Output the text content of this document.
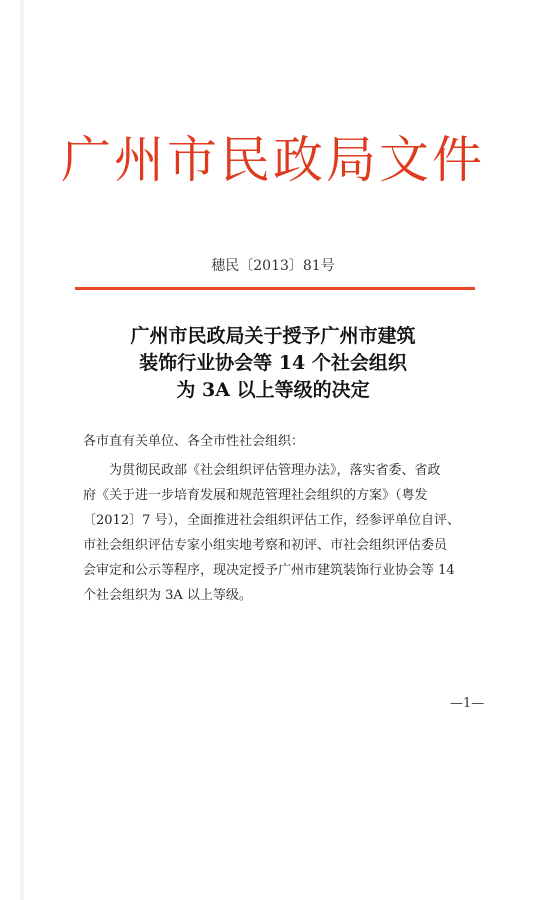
广州市民政局文件
穗民〔2013〕81号
广州市民政局关于授予广州市建筑
装饰行业协会等 14 个社会组织
为 3A 以上等级的决定
各市直有关单位、各全市性社会组织：
为贯彻民政部《社会组织评估管理办法》，落实省委、省政
府《关于进一步培育发展和规范管理社会组织的方案》（粤发
〔2012〕7 号），全面推进社会组织评估工作，经参评单位自评、
市社会组织评估专家小组实地考察和初评、市社会组织评估委员
会审定和公示等程序，现决定授予广州市建筑装饰行业协会等 14
个社会组织为 3A 以上等级。
—1—
